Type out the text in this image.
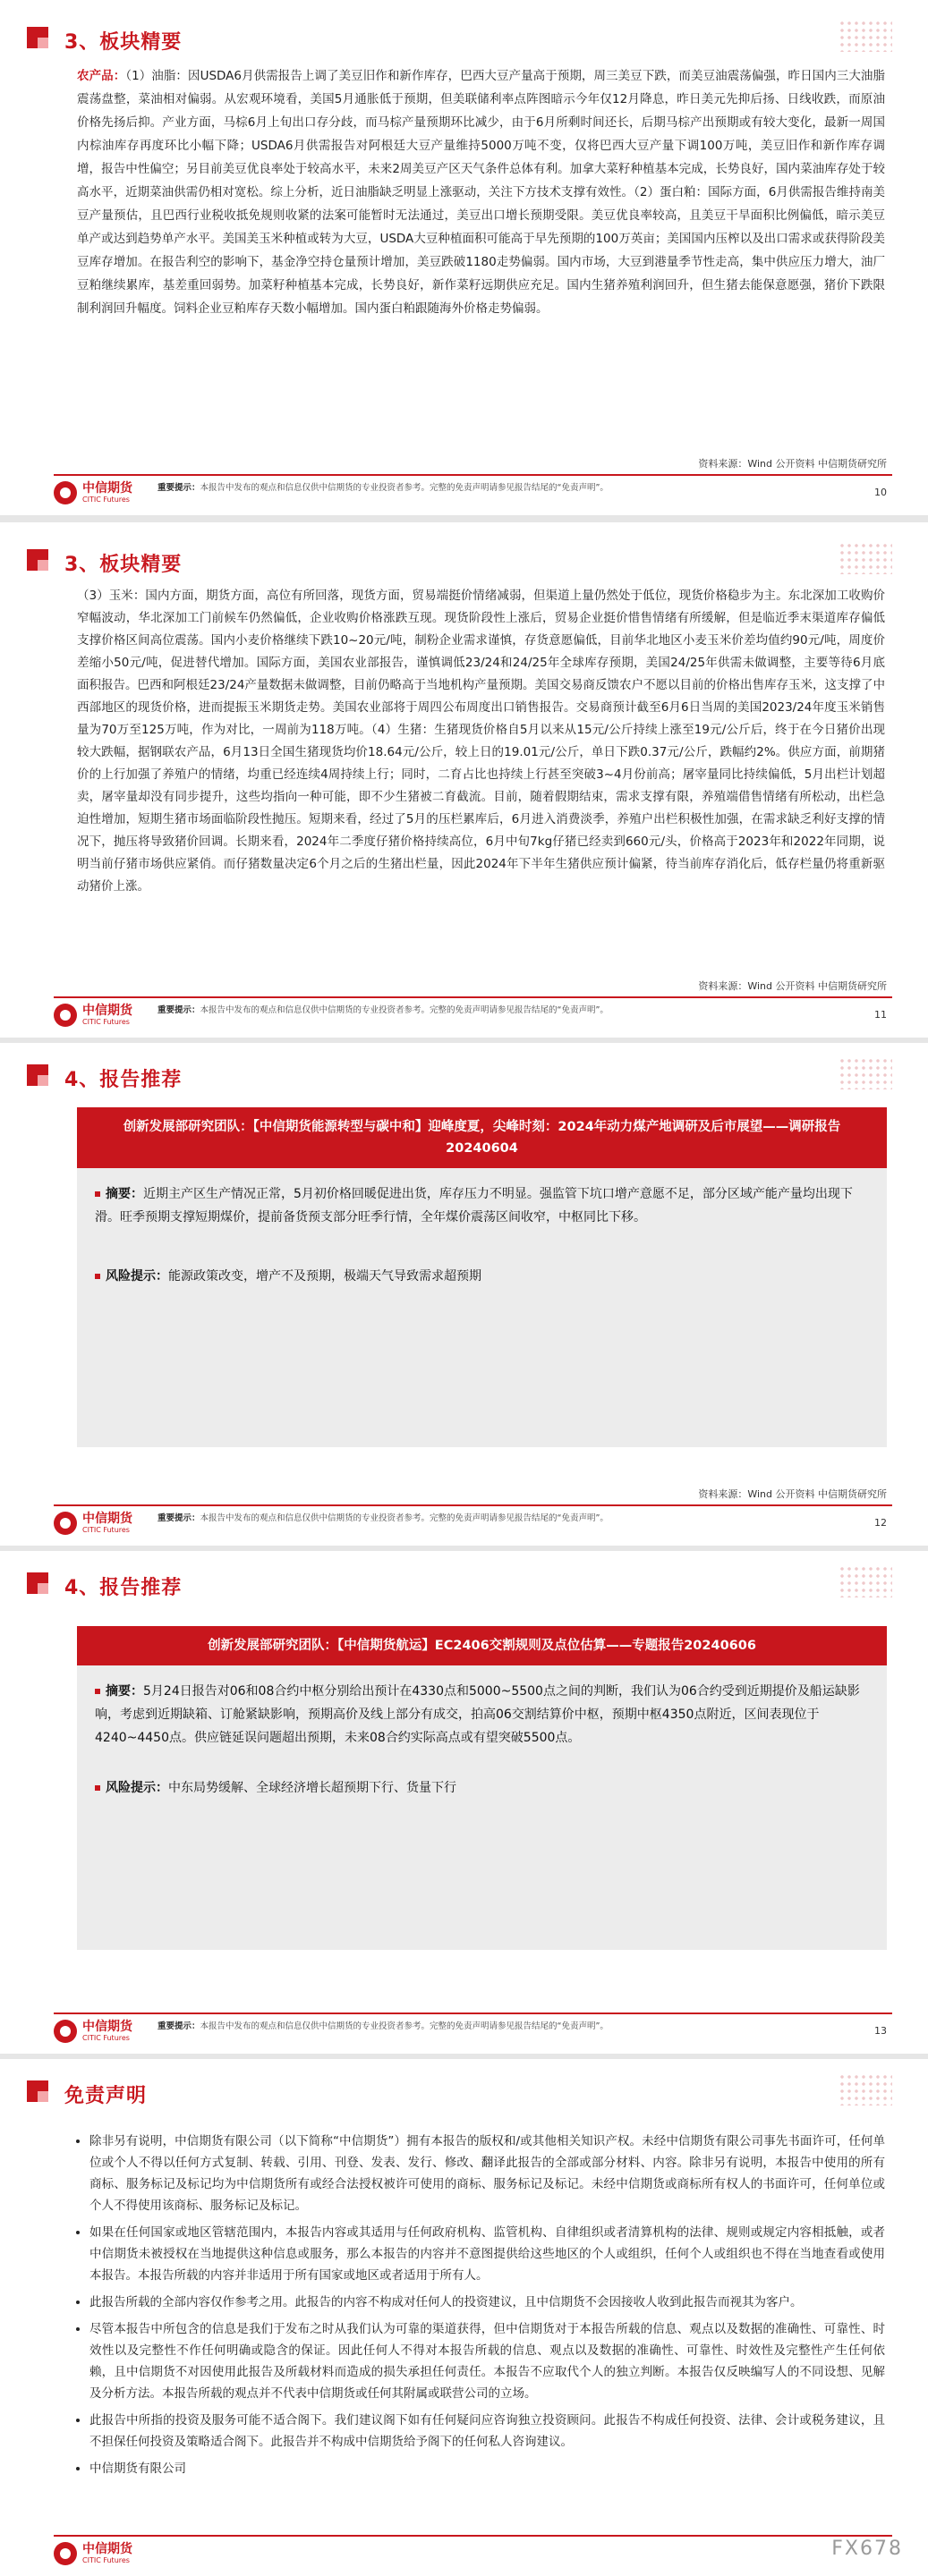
3、板块精要
农产品：（1）油脂：因USDA6月供需报告上调了美豆旧作和新作库存，巴西大豆产量高于预期，周三美豆下跌，而美豆油震荡偏强，昨日国内三大油脂震荡盘整，菜油相对偏弱。从宏观环境看，美国5月通胀低于预期，但美联储利率点阵图暗示今年仅12月降息，昨日美元先抑后扬、日线收跌，而原油价格先扬后抑。产业方面，马棕6月上旬出口存分歧，而马棕产量预期环比减少，由于6月所剩时间还长，后期马棕产出预期或有较大变化，最新一周国内棕油库存再度环比小幅下降；USDA6月供需报告对阿根廷大豆产量维持5000万吨不变，仅将巴西大豆产量下调100万吨，美豆旧作和新作库存调增，报告中性偏空；另目前美豆优良率处于较高水平，未来2周美豆产区天气条件总体有利。加拿大菜籽种植基本完成，长势良好，国内菜油库存处于较高水平，近期菜油供需仍相对宽松。综上分析，近日油脂缺乏明显上涨驱动，关注下方技术支撑有效性。（2）蛋白粕：国际方面，6月供需报告维持南美豆产量预估，且巴西行业税收抵免规则收紧的法案可能暂时无法通过，美豆出口增长预期受限。美豆优良率较高，且美豆干旱面积比例偏低，暗示美豆单产或达到趋势单产水平。美国美玉米种植或转为大豆，USDA大豆种植面积可能高于早先预期的100万英亩；美国国内压榨以及出口需求或获得阶段美豆库存增加。在报告利空的影响下，基金净空持仓量预计增加，美豆跌破1180走势偏弱。国内市场，大豆到港量季节性走高，集中供应压力增大，油厂豆粕继续累库，基差重回弱势。加菜籽种植基本完成，长势良好，新作菜籽远期供应充足。国内生猪养殖利润回升，但生猪去能保意愿强，猪价下跌限制利润回升幅度。饲料企业豆粕库存天数小幅增加。国内蛋白粕跟随海外价格走势偏弱。
资料来源：Wind 公开资料 中信期货研究所
中信期货
CITIC Futures
重要提示：本报告中发布的观点和信息仅供中信期货的专业投资者参考。完整的免责声明请参见报告结尾的“免责声明”。	10
3、板块精要
（3）玉米：国内方面，期货方面，高位有所回落，现货方面，贸易端挺价情绪减弱，但渠道上量仍然处于低位，现货价格稳步为主。东北深加工收购价窄幅波动，华北深加工门前候车仍然偏低，企业收购价格涨跌互现。现货阶段性上涨后，贸易企业挺价惜售情绪有所缓解，但是临近季末渠道库存偏低支撑价格区间高位震荡。国内小麦价格继续下跌10~20元/吨，制粉企业需求谨慎，存货意愿偏低，目前华北地区小麦玉米价差均值约90元/吨，周度价差缩小50元/吨，促进替代增加。国际方面，美国农业部报告，谨慎调低23/24和24/25年全球库存预期，美国24/25年供需未做调整，主要等待6月底面积报告。巴西和阿根廷23/24产量数据未做调整，目前仍略高于当地机构产量预期。美国交易商反馈农户不愿以目前的价格出售库存玉米，这支撑了中西部地区的现货价格，进而提振玉米期货走势。美国农业部将于周四公布周度出口销售报告。交易商预计截至6月6日当周的美国2023/24年度玉米销售量为70万至125万吨，作为对比，一周前为118万吨。（4）生猪：生猪现货价格自5月以来从15元/公斤持续上涨至19元/公斤后，终于在今日猪价出现较大跌幅，据钢联农产品，6月13日全国生猪现货均价18.64元/公斤，较上日的19.01元/公斤，单日下跌0.37元/公斤，跌幅约2%。供应方面，前期猪价的上行加强了养殖户的情绪，均重已经连续4周持续上行；同时，二育占比也持续上行甚至突破3~4月份前高；屠宰量同比持续偏低，5月出栏计划超卖，屠宰量却没有同步提升，这些均指向一种可能，即不少生猪被二育截流。目前，随着假期结束，需求支撑有限，养殖端借售情绪有所松动，出栏急迫性增加，短期生猪市场面临阶段性抛压。短期来看，经过了5月的压栏累库后，6月进入消费淡季，养殖户出栏积极性加强，在需求缺乏利好支撑的情况下，抛压将导致猪价回调。长期来看，2024年二季度仔猪价格持续高位，6月中旬7kg仔猪已经卖到660元/头，价格高于2023年和2022年同期，说明当前仔猪市场供应紧俏。而仔猪数量决定6个月之后的生猪出栏量，因此2024年下半年生猪供应预计偏紧，待当前库存消化后，低存栏量仍将重新驱动猪价上涨。
资料来源：Wind 公开资料 中信期货研究所
中信期货
CITIC Futures
重要提示：本报告中发布的观点和信息仅供中信期货的专业投资者参考。完整的免责声明请参见报告结尾的“免责声明”。	11
4、报告推荐
创新发展部研究团队：【中信期货能源转型与碳中和】迎峰度夏，尖峰时刻：2024年动力煤产地调研及后市展望——调研报告20240604
摘要：近期主产区生产情况正常，5月初价格回暖促进出货，库存压力不明显。强监管下坑口增产意愿不足，部分区域产能产量均出现下滑。旺季预期支撑短期煤价，提前备货预支部分旺季行情，全年煤价震荡区间收窄，中枢同比下移。
风险提示：能源政策改变，增产不及预期，极端天气导致需求超预期
资料来源：Wind 公开资料 中信期货研究所
中信期货
CITIC Futures
重要提示：本报告中发布的观点和信息仅供中信期货的专业投资者参考。完整的免责声明请参见报告结尾的“免责声明”。	12
4、报告推荐
创新发展部研究团队：【中信期货航运】EC2406交割规则及点位估算——专题报告20240606
摘要：5月24日报告对06和08合约中枢分别给出预计在4330点和5000~5500点之间的判断，我们认为06合约受到近期提价及船运缺影响，考虑到近期缺箱、订舱紧缺影响，预期高价及线上部分有成交，拍高06交割结算价中枢，预期中枢4350点附近，区间表现位于4240~4450点。供应链延误问题超出预期，未来08合约实际高点或有望突破5500点。
风险提示：中东局势缓解、全球经济增长超预期下行、货量下行
中信期货
CITIC Futures
重要提示：本报告中发布的观点和信息仅供中信期货的专业投资者参考。完整的免责声明请参见报告结尾的“免责声明”。	13
免责声明
• 除非另有说明，中信期货有限公司（以下简称“中信期货”）拥有本报告的版权和/或其他相关知识产权。未经中信期货有限公司事先书面许可，任何单位或个人不得以任何方式复制、转载、引用、刊登、发表、发行、修改、翻译此报告的全部或部分材料、内容。除非另有说明，本报告中使用的所有商标、服务标记及标记均为中信期货所有或经合法授权被许可使用的商标、服务标记及标记。未经中信期货或商标所有权人的书面许可，任何单位或个人不得使用该商标、服务标记及标记。
• 如果在任何国家或地区管辖范围内，本报告内容或其适用与任何政府机构、监管机构、自律组织或者清算机构的法律、规则或规定内容相抵触，或者中信期货未被授权在当地提供这种信息或服务，那么本报告的内容并不意图提供给这些地区的个人或组织，任何个人或组织也不得在当地查看或使用本报告。本报告所载的内容并非适用于所有国家或地区或者适用于所有人。
• 此报告所载的全部内容仅作参考之用。此报告的内容不构成对任何人的投资建议，且中信期货不会因接收人收到此报告而视其为客户。
• 尽管本报告中所包含的信息是我们于发布之时从我们认为可靠的渠道获得，但中信期货对于本报告所载的信息、观点以及数据的准确性、可靠性、时效性以及完整性不作任何明确或隐含的保证。因此任何人不得对本报告所载的信息、观点以及数据的准确性、可靠性、时效性及完整性产生任何依赖，且中信期货不对因使用此报告及所载材料而造成的损失承担任何责任。本报告不应取代个人的独立判断。本报告仅反映编写人的不同设想、见解及分析方法。本报告所载的观点并不代表中信期货或任何其附属或联营公司的立场。
• 此报告中所指的投资及服务可能不适合阁下。我们建议阁下如有任何疑问应咨询独立投资顾问。此报告不构成任何投资、法律、会计或税务建议，且不担保任何投资及策略适合阁下。此报告并不构成中信期货给予阁下的任何私人咨询建议。
• 中信期货有限公司
中信期货
CITIC Futures
FX678
